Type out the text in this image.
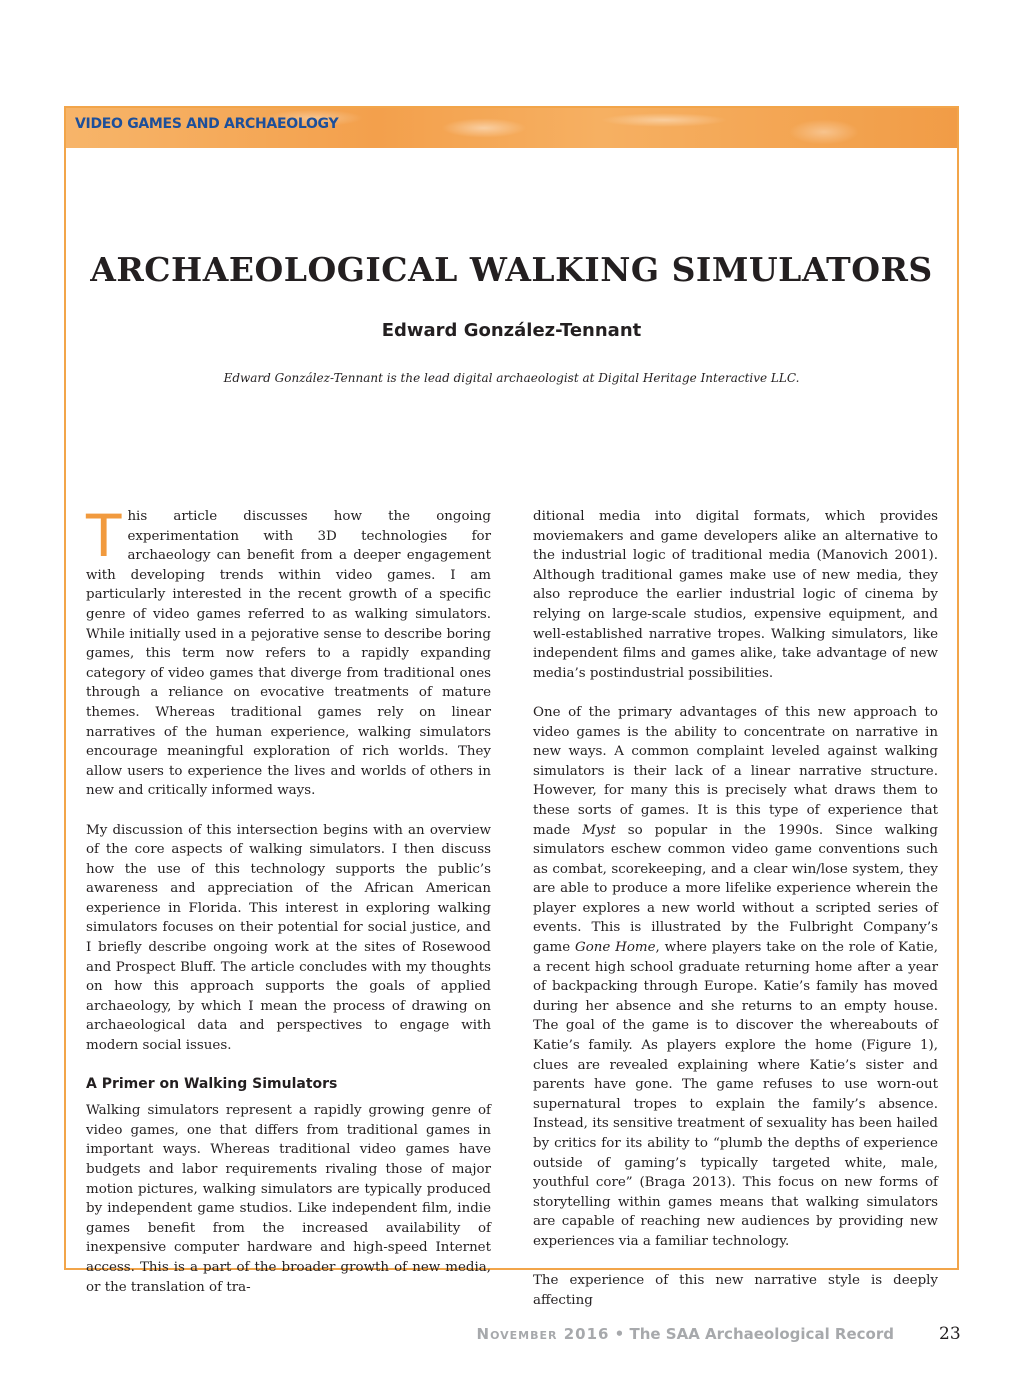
VIDEO GAMES AND ARCHAEOLOGY
ARCHAEOLOGICAL WALKING SIMULATORS
Edward González-Tennant
Edward González-Tennant is the lead digital archaeologist at Digital Heritage Interactive LLC.

This article discusses how the ongoing experimentation with 3D technologies for archaeology can benefit from a deeper engagement with developing trends within video games. I am particularly interested in the recent growth of a specific genre of video games referred to as walking simulators. While initially used in a pejorative sense to describe boring games, this term now refers to a rapidly expanding category of video games that diverge from traditional ones through a reliance on evocative treatments of mature themes. Whereas traditional games rely on linear narratives of the human experience, walking simulators encourage meaningful exploration of rich worlds. They allow users to experience the lives and worlds of others in new and critically informed ways.

My discussion of this intersection begins with an overview of the core aspects of walking simulators. I then discuss how the use of this technology supports the public’s awareness and appreciation of the African American experience in Florida. This interest in exploring walking simulators focuses on their potential for social justice, and I briefly describe ongoing work at the sites of Rosewood and Prospect Bluff. The article concludes with my thoughts on how this approach supports the goals of applied archaeology, by which I mean the process of drawing on archaeological data and perspectives to engage with modern social issues.

A Primer on Walking Simulators

Walking simulators represent a rapidly growing genre of video games, one that differs from traditional games in important ways. Whereas traditional video games have budgets and labor requirements rivaling those of major motion pictures, walking simulators are typically produced by independent game studios. Like independent film, indie games benefit from the increased availability of inexpensive computer hardware and high-speed Internet access. This is a part of the broader growth of new media, or the translation of tra-

ditional media into digital formats, which provides moviemakers and game developers alike an alternative to the industrial logic of traditional media (Manovich 2001). Although traditional games make use of new media, they also reproduce the earlier industrial logic of cinema by relying on large-scale studios, expensive equipment, and well-established narrative tropes. Walking simulators, like independent films and games alike, take advantage of new media’s postindustrial possibilities.

One of the primary advantages of this new approach to video games is the ability to concentrate on narrative in new ways. A common complaint leveled against walking simulators is their lack of a linear narrative structure. However, for many this is precisely what draws them to these sorts of games. It is this type of experience that made Myst so popular in the 1990s. Since walking simulators eschew common video game conventions such as combat, scorekeeping, and a clear win/lose system, they are able to produce a more lifelike experience wherein the player explores a new world without a scripted series of events. This is illustrated by the Fulbright Company’s game Gone Home, where players take on the role of Katie, a recent high school graduate returning home after a year of backpacking through Europe. Katie’s family has moved during her absence and she returns to an empty house. The goal of the game is to discover the whereabouts of Katie’s family. As players explore the home (Figure 1), clues are revealed explaining where Katie’s sister and parents have gone. The game refuses to use worn-out supernatural tropes to explain the family’s absence. Instead, its sensitive treatment of sexuality has been hailed by critics for its ability to “plumb the depths of experience outside of gaming’s typically targeted white, male, youthful core” (Braga 2013). This focus on new forms of storytelling within games means that walking simulators are capable of reaching new audiences by providing new experiences via a familiar technology.

The experience of this new narrative style is deeply affecting

November 2016 • The SAA Archaeological Record	23
